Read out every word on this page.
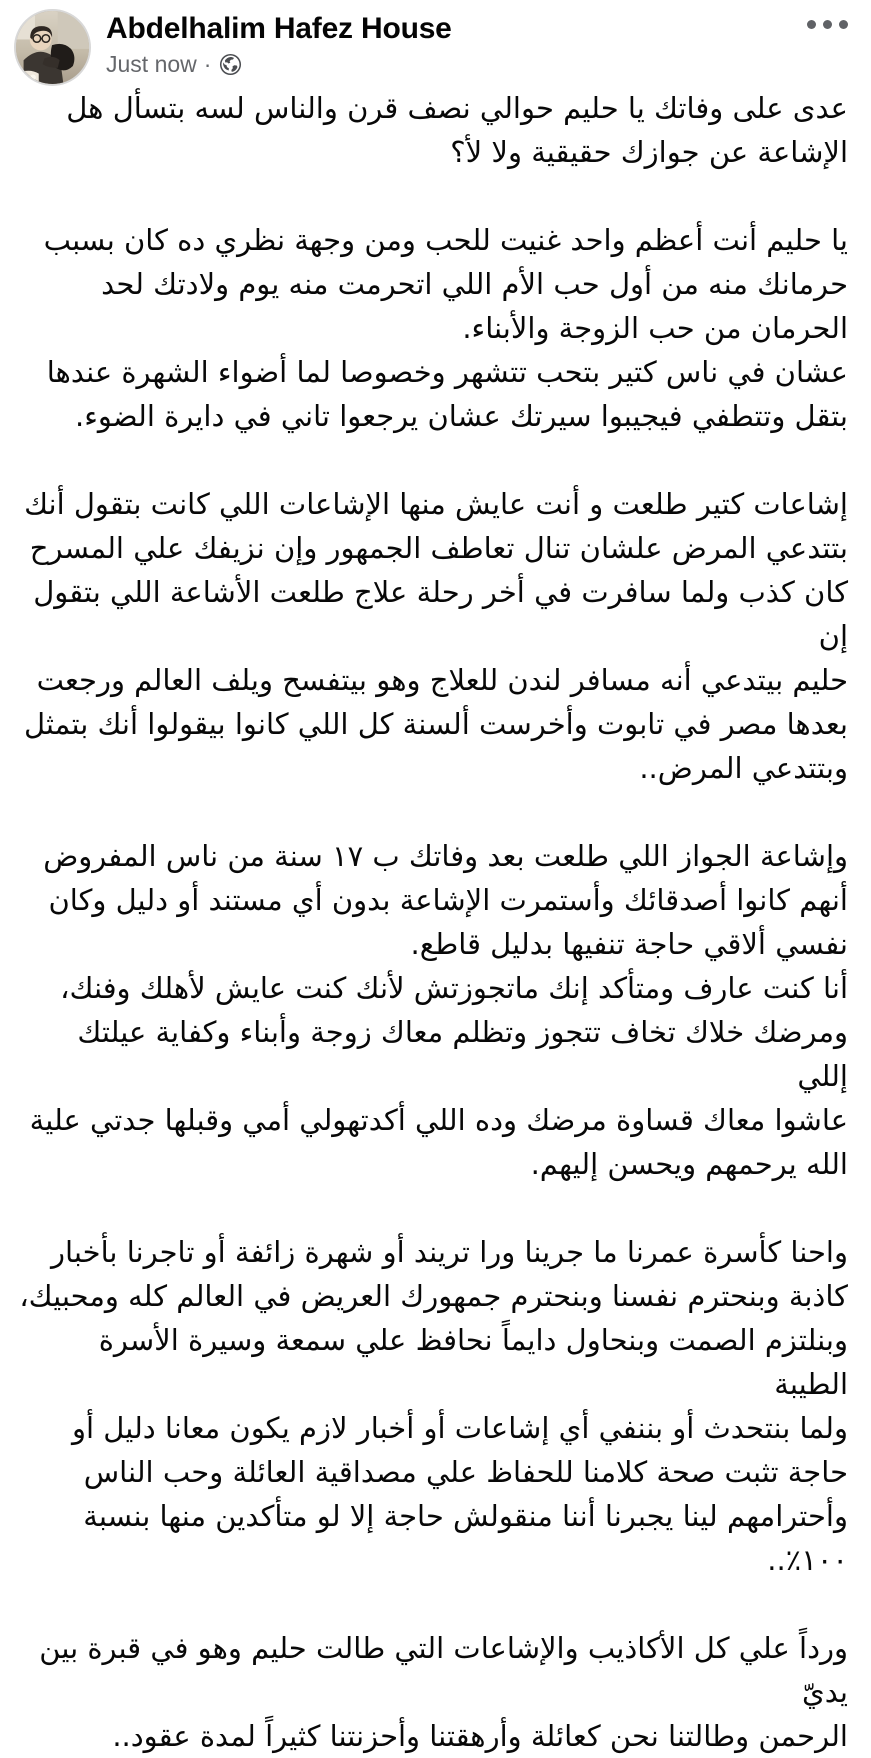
Abdelhalim Hafez House
Just now ·

عدى على وفاتك يا حليم حوالي نصف قرن والناس لسه بتسأل هل
الإشاعة عن جوازك حقيقية ولا لأ؟

يا حليم أنت أعظم واحد غنيت للحب ومن وجهة نظري ده كان بسبب
حرمانك منه من أول حب الأم اللي اتحرمت منه يوم ولادتك لحد
الحرمان من حب الزوجة والأبناء.
عشان في ناس كتير بتحب تتشهر وخصوصا لما أضواء الشهرة عندها
بتقل وتتطفي فيجيبوا سيرتك عشان يرجعوا تاني في دايرة الضوء.

إشاعات كتير طلعت و أنت عايش منها الإشاعات اللي كانت بتقول أنك
بتتدعي المرض علشان تنال تعاطف الجمهور وإن نزيفك علي المسرح
كان كذب ولما سافرت في أخر رحلة علاج طلعت الأشاعة اللي بتقول إن
حليم بيتدعي أنه مسافر لندن للعلاج وهو بيتفسح ويلف العالم ورجعت
بعدها مصر في تابوت وأخرست ألسنة كل اللي كانوا بيقولوا أنك بتمثل
وبتتدعي المرض..

وإشاعة الجواز اللي طلعت بعد وفاتك ب ١٧ سنة من ناس المفروض
أنهم كانوا أصدقائك وأستمرت الإشاعة بدون أي مستند أو دليل وكان
نفسي ألاقي حاجة تنفيها بدليل قاطع.
أنا كنت عارف ومتأكد إنك ماتجوزتش لأنك كنت عايش لأهلك وفنك،
ومرضك خلاك تخاف تتجوز وتظلم معاك زوجة وأبناء وكفاية عيلتك إللي
عاشوا معاك قساوة مرضك وده اللي أكدتهولي أمي وقبلها جدتي علية
الله يرحمهم ويحسن إليهم.

واحنا كأسرة عمرنا ما جرينا ورا تريند أو شهرة زائفة أو تاجرنا بأخبار
كاذبة وبنحترم نفسنا وبنحترم جمهورك العريض في العالم كله ومحبيك،
وبنلتزم الصمت وبنحاول دايماً نحافظ علي سمعة وسيرة الأسرة الطيبة
ولما بنتحدث أو بننفي أي إشاعات أو أخبار لازم يكون معانا دليل أو
حاجة تثبت صحة كلامنا للحفاظ علي مصداقية العائلة وحب الناس
وأحترامهم لينا يجبرنا أننا منقولش حاجة إلا لو متأكدين منها بنسبة
١٠٠٪..

ورداً علي كل الأكاذيب والإشاعات التي طالت حليم وهو في قبرة بين يديّ
الرحمن وطالتنا نحن كعائلة وأرهقتنا وأحزنتنا كثيراً لمدة عقود..
